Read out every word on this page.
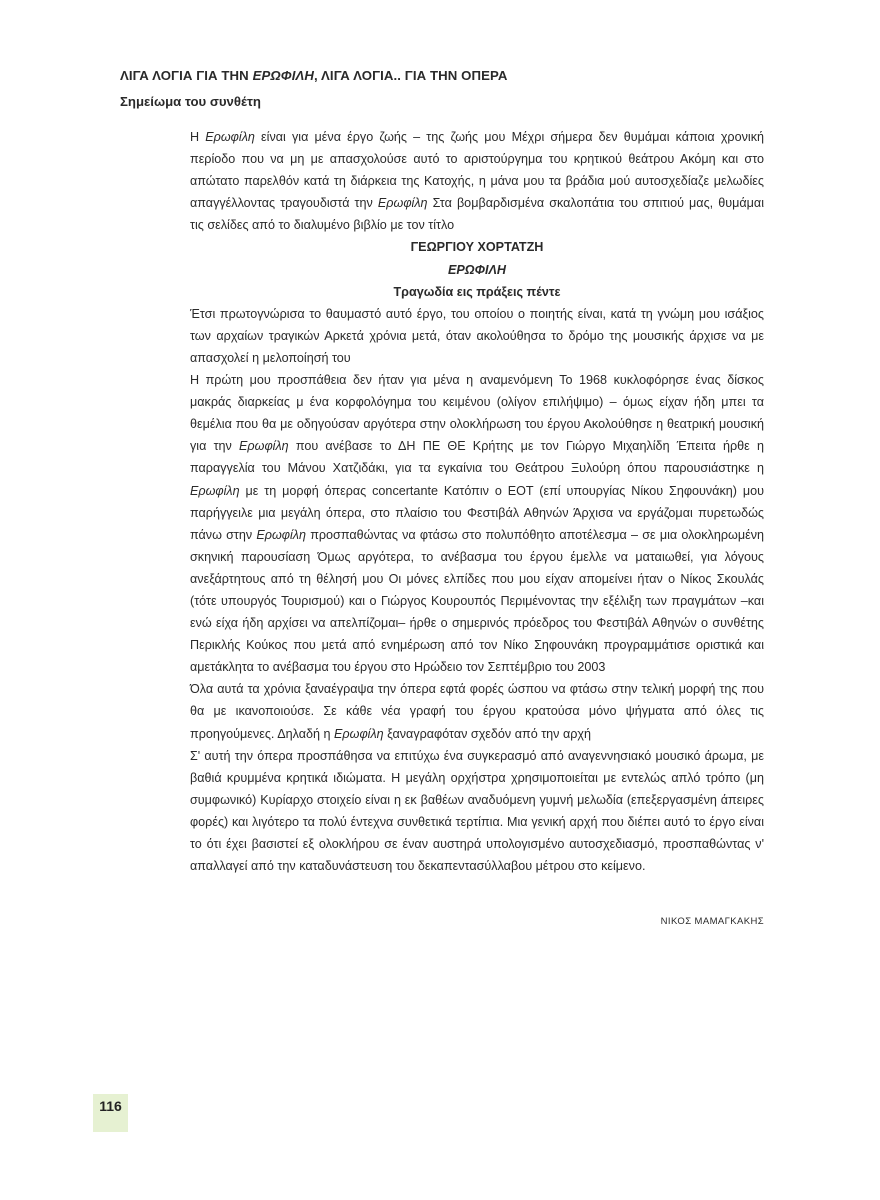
ΛΙΓΑ ΛΟΓΙΑ ΓΙΑ ΤΗΝ ΕΡΩΦΙΛΗ, ΛΙΓΑ ΛΟΓΙΑ.. ΓΙΑ ΤΗΝ ΟΠΕΡΑ
Σημείωμα του συνθέτη

Η Ερωφίλη είναι για μένα έργο ζωής – της ζωής μου Μέχρι σήμερα δεν θυμάμαι κάποια χρονική περίοδο που να μη με απασχολούσε αυτό το αριστούργημα του κρητικού θεάτρου Ακόμη και στο απώτατο παρελθόν κατά τη διάρκεια της Κατοχής, η μάνα μου τα βράδια μού αυτοσχεδίαζε μελωδίες απαγγέλλοντας τραγουδιστά την Ερωφίλη Στα βομβαρδισμένα σκαλοπάτια του σπιτιού μας, θυμάμαι τις σελίδες από το διαλυμένο βιβλίο με τον τίτλο

ΓΕΩΡΓΙΟΥ ΧΟΡΤΑΤΖΗ

ΕΡΩΦΙΛΗ

Τραγωδία εις πράξεις πέντε

Έτσι πρωτογνώρισα το θαυμαστό αυτό έργο, του οποίου ο ποιητής είναι, κατά τη γνώμη μου ισάξιος των αρχαίων τραγικών Αρκετά χρόνια μετά, όταν ακολούθησα το δρόμο της μουσικής άρχισε να με απασχολεί η μελοποίησή του

Η πρώτη μου προσπάθεια δεν ήταν για μένα η αναμενόμενη Το 1968 κυκλοφόρησε ένας δίσκος μακράς διαρκείας μ ένα κορφολόγημα του κειμένου (ολίγον επιλήψιμο) – όμως είχαν ήδη μπει τα θεμέλια που θα με οδηγούσαν αργότερα στην ολοκλήρωση του έργου Ακολούθησε η θεατρική μουσική για την Ερωφίλη που ανέβασε το ΔΗ ΠΕ ΘΕ Κρήτης με τον Γιώργο Μιχαηλίδη Έπειτα ήρθε η παραγγελία του Μάνου Χατζιδάκι, για τα εγκαίνια του Θεάτρου Ξυλούρη όπου παρουσιάστηκε η Ερωφίλη με τη μορφή όπερας concertante Κατόπιν ο ΕΟΤ (επί υπουργίας Νίκου Σηφουνάκη) μου παρήγγειλε μια μεγάλη όπερα, στο πλαίσιο του Φεστιβάλ Αθηνών Άρχισα να εργάζομαι πυρετωδώς πάνω στην Ερωφίλη προσπαθώντας να φτάσω στο πολυπόθητο αποτέλεσμα – σε μια ολοκληρωμένη σκηνική παρουσίαση Όμως αργότερα, το ανέβασμα του έργου έμελλε να ματαιωθεί, για λόγους ανεξάρτητους από τη θέλησή μου Οι μόνες ελπίδες που μου είχαν απομείνει ήταν ο Νίκος Σκουλάς (τότε υπουργός Τουρισμού) και ο Γιώργος Κουρουπός Περιμένοντας την εξέλιξη των πραγμάτων –και ενώ είχα ήδη αρχίσει να απελπίζομαι– ήρθε ο σημερινός πρόεδρος του Φεστιβάλ Αθηνών ο συνθέτης Περικλής Κούκος που μετά από ενημέρωση από τον Νίκο Σηφουνάκη προγραμμάτισε οριστικά και αμετάκλητα το ανέβασμα του έργου στο Ηρώδειο τον Σεπτέμβριο του 2003

Όλα αυτά τα χρόνια ξαναέγραψα την όπερα εφτά φορές ώσπου να φτάσω στην τελική μορφή της που θα με ικανοποιούσε. Σε κάθε νέα γραφή του έργου κρατούσα μόνο ψήγματα από όλες τις προηγούμενες. Δηλαδή η Ερωφίλη ξαναγραφόταν σχεδόν από την αρχή

Σ' αυτή την όπερα προσπάθησα να επιτύχω ένα συγκερασμό από αναγεννησιακό μουσικό άρωμα, με βαθιά κρυμμένα κρητικά ιδιώματα. Η μεγάλη ορχήστρα χρησιμοποιείται με εντελώς απλό τρόπο (μη συμφωνικό) Κυρίαρχο στοιχείο είναι η εκ βαθέων αναδυόμενη γυμνή μελωδία (επεξεργασμένη άπειρες φορές) και λιγότερο τα πολύ έντεχνα συνθετικά τερτίπια. Μια γενική αρχή που διέπει αυτό το έργο είναι το ότι έχει βασιστεί εξ ολοκλήρου σε έναν αυστηρά υπολογισμένο αυτοσχεδιασμό, προσπαθώντας ν' απαλλαγεί από την καταδυνάστευση του δεκαπεντασύλλαβου μέτρου στο κείμενο.

ΝΙΚΟΣ ΜΑΜΑΓΚΑΚΗΣ
116
